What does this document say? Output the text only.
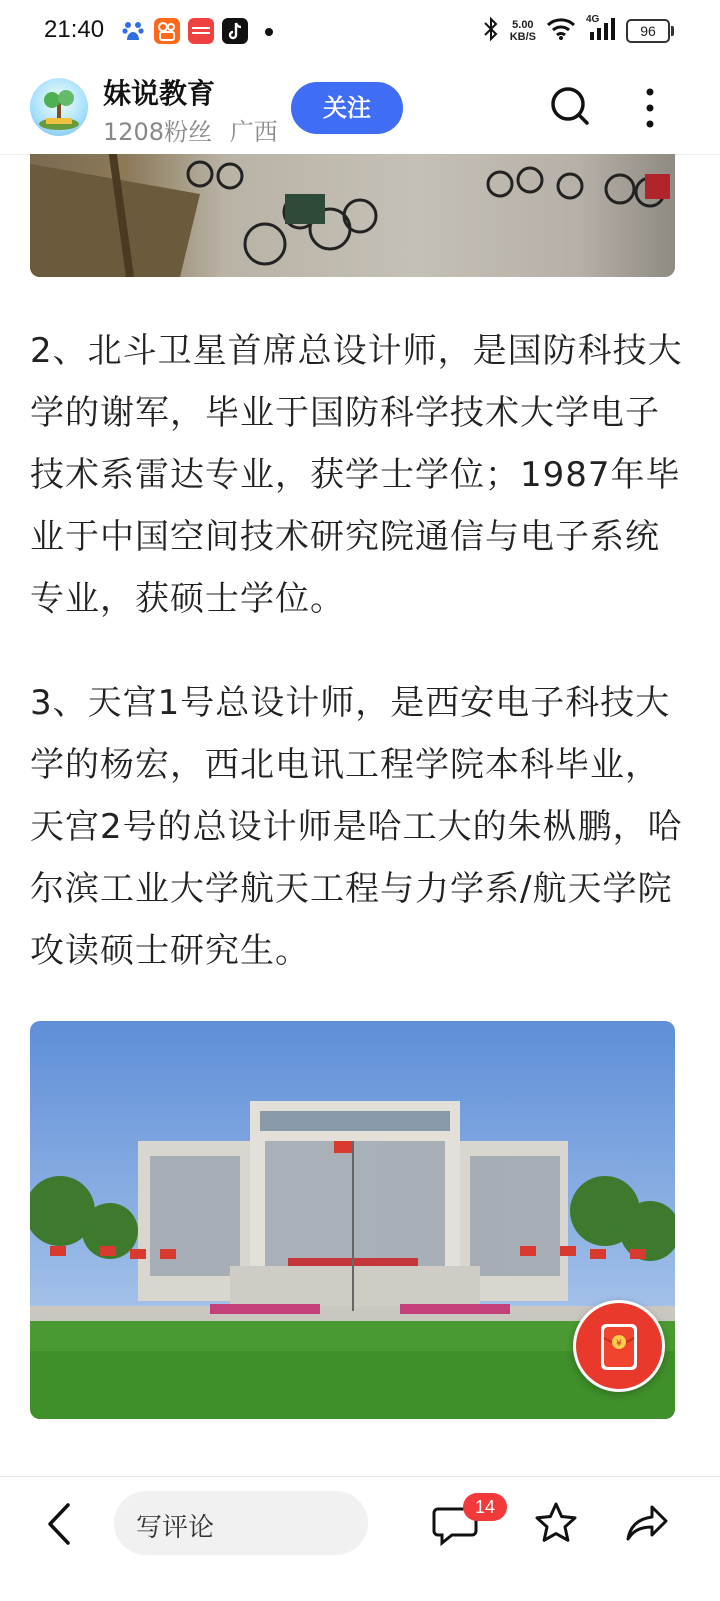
21:40	5.00
KB/S
4G
96
妹说教育
1208粉丝 广西
关注

2、北斗卫星首席总设计师，是国防科技大学的谢军，毕业于国防科学技术大学电子技术系雷达专业，获学士学位；1987年毕业于中国空间技术研究院通信与电子系统专业，获硕士学位。

3、天宫1号总设计师，是西安电子科技大学的杨宏，西北电讯工程学院本科毕业，天宫2号的总设计师是哈工大的朱枞鹏，哈尔滨工业大学航天工程与力学系/航天学院攻读硕士研究生。

¥
写评论
14
